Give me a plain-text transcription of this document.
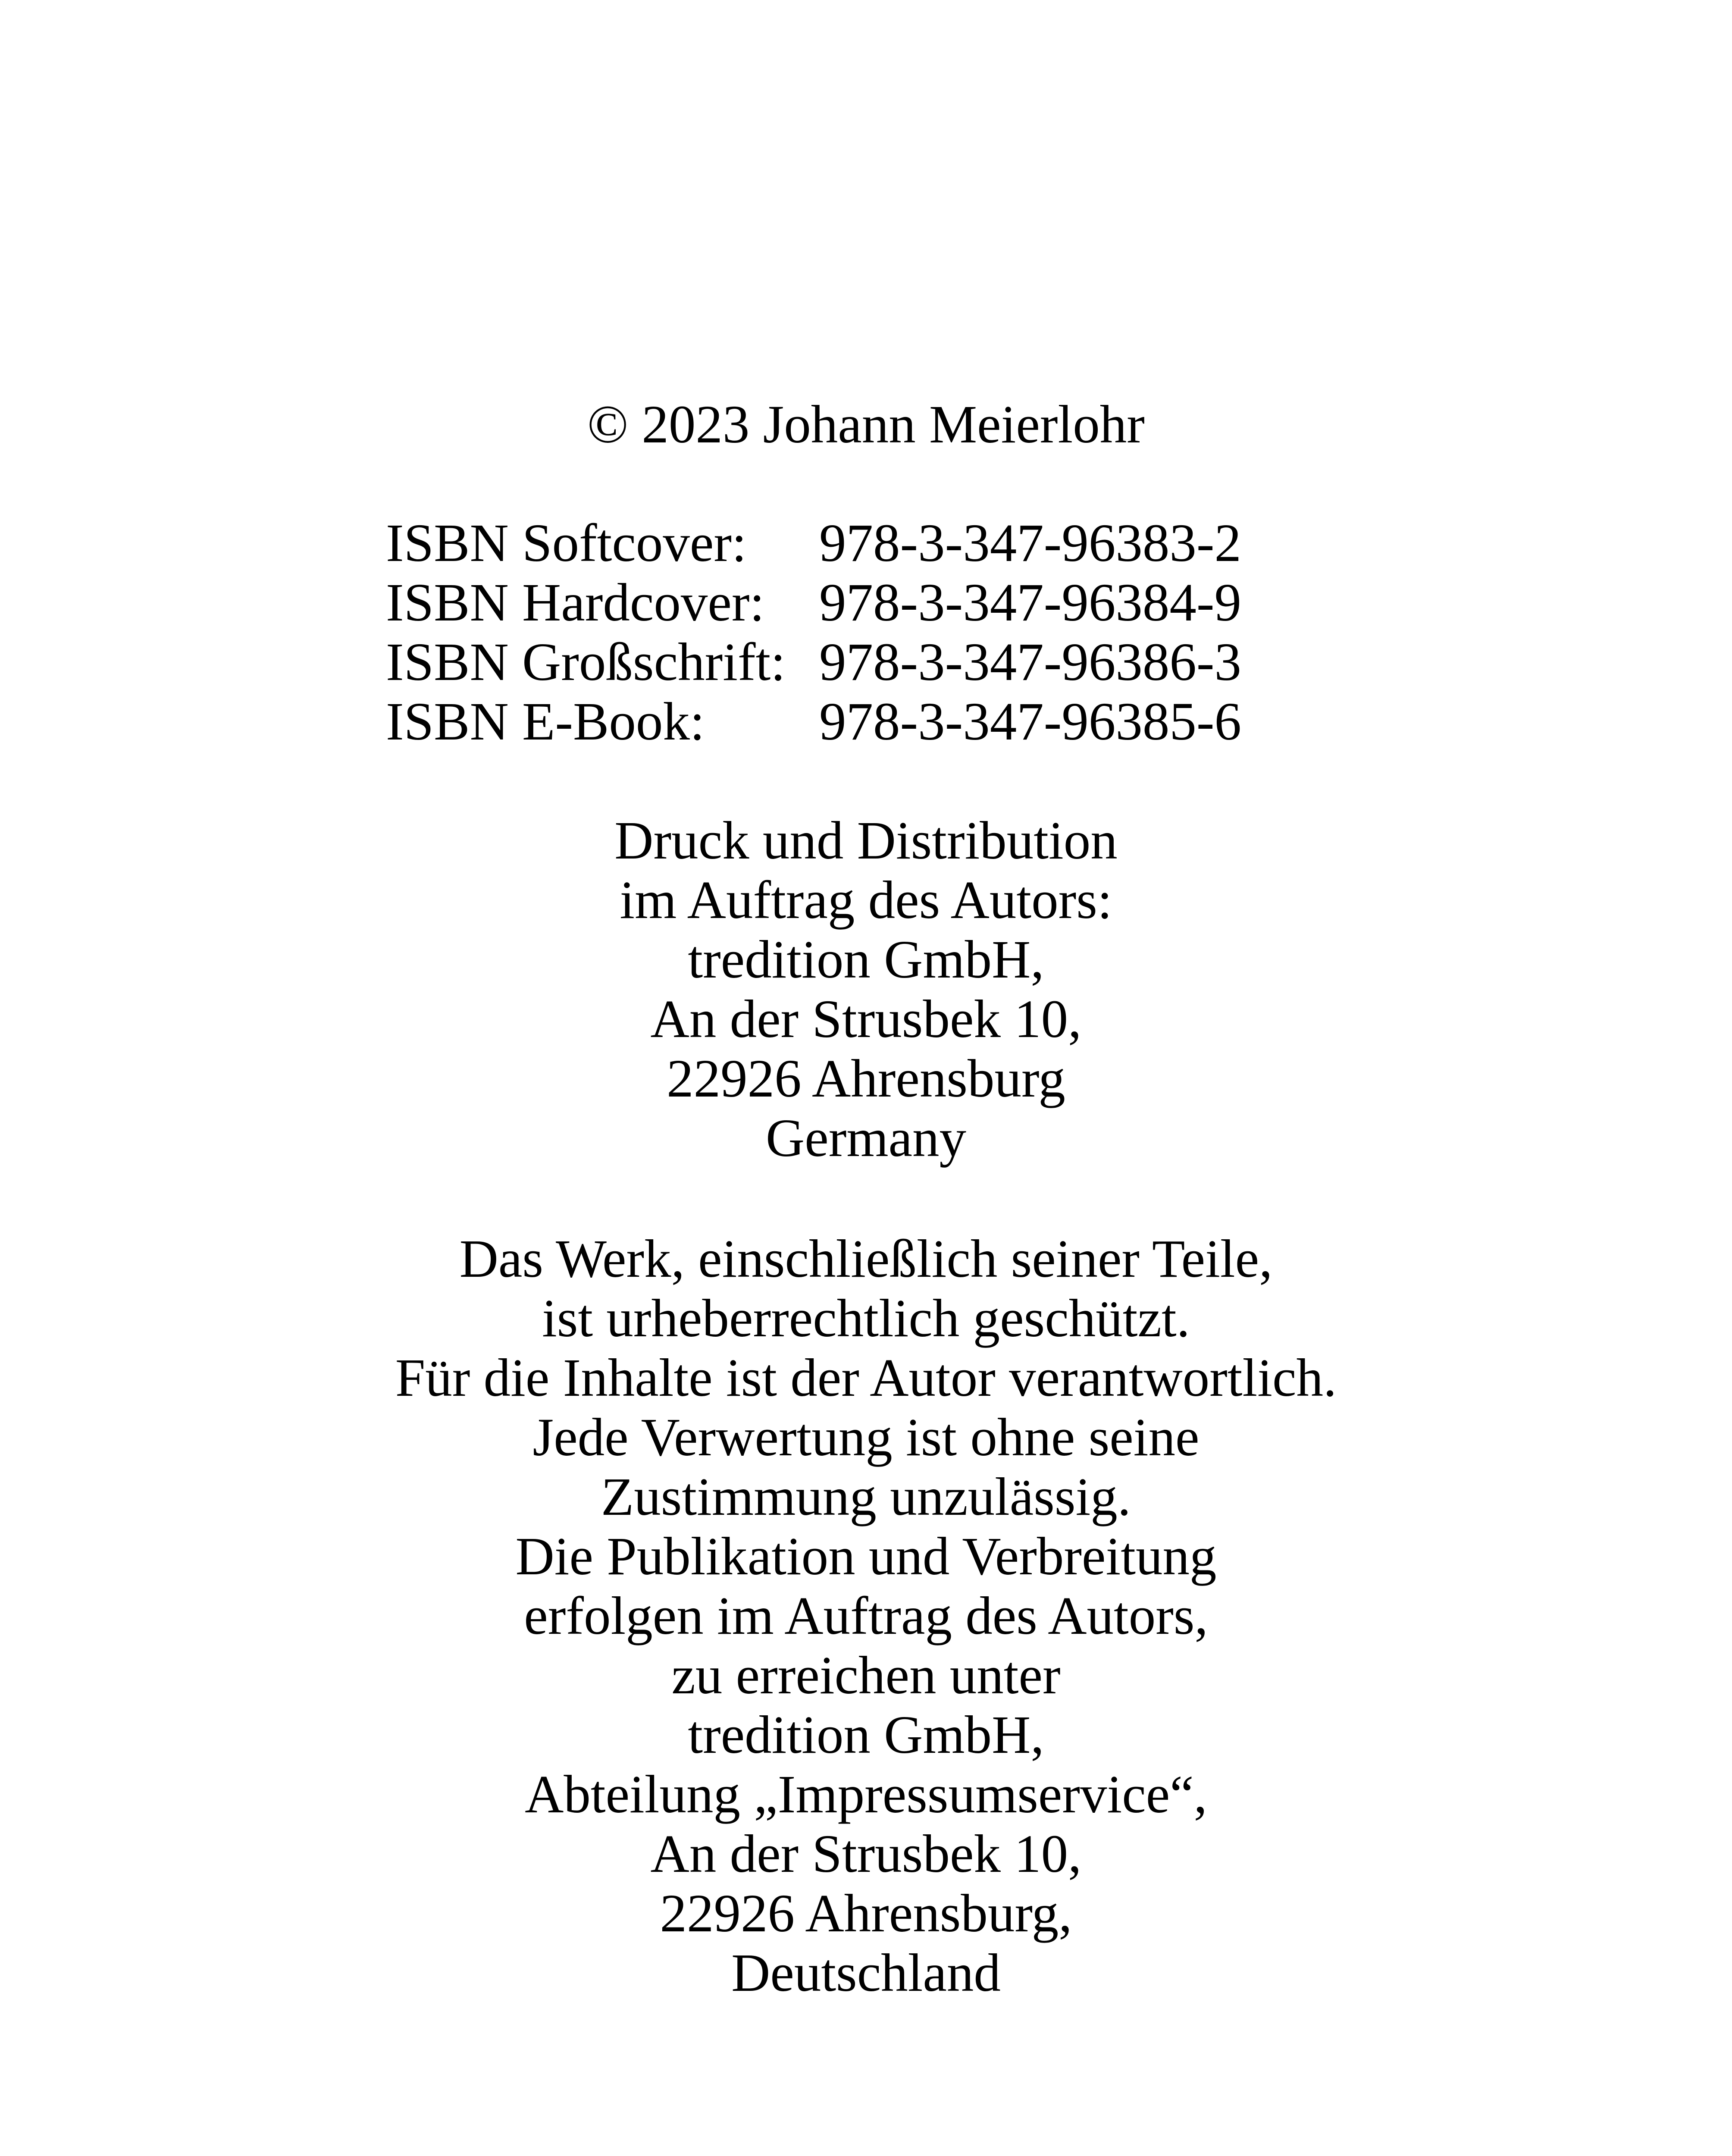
© 2023 Johann Meierlohr
ISBN Softcover: 978-3-347-96383-2
ISBN Hardcover: 978-3-347-96384-9
ISBN Großschrift: 978-3-347-96386-3
ISBN E-Book: 978-3-347-96385-6
Druck und Distribution
im Auftrag des Autors:
tredition GmbH,
An der Strusbek 10,
22926 Ahrensburg
Germany
Das Werk, einschließlich seiner Teile,
ist urheberrechtlich geschützt.
Für die Inhalte ist der Autor verantwortlich.
Jede Verwertung ist ohne seine
Zustimmung unzulässig.
Die Publikation und Verbreitung
erfolgen im Auftrag des Autors,
zu erreichen unter
tredition GmbH,
Abteilung „Impressumservice“,
An der Strusbek 10,
22926 Ahrensburg,
Deutschland
